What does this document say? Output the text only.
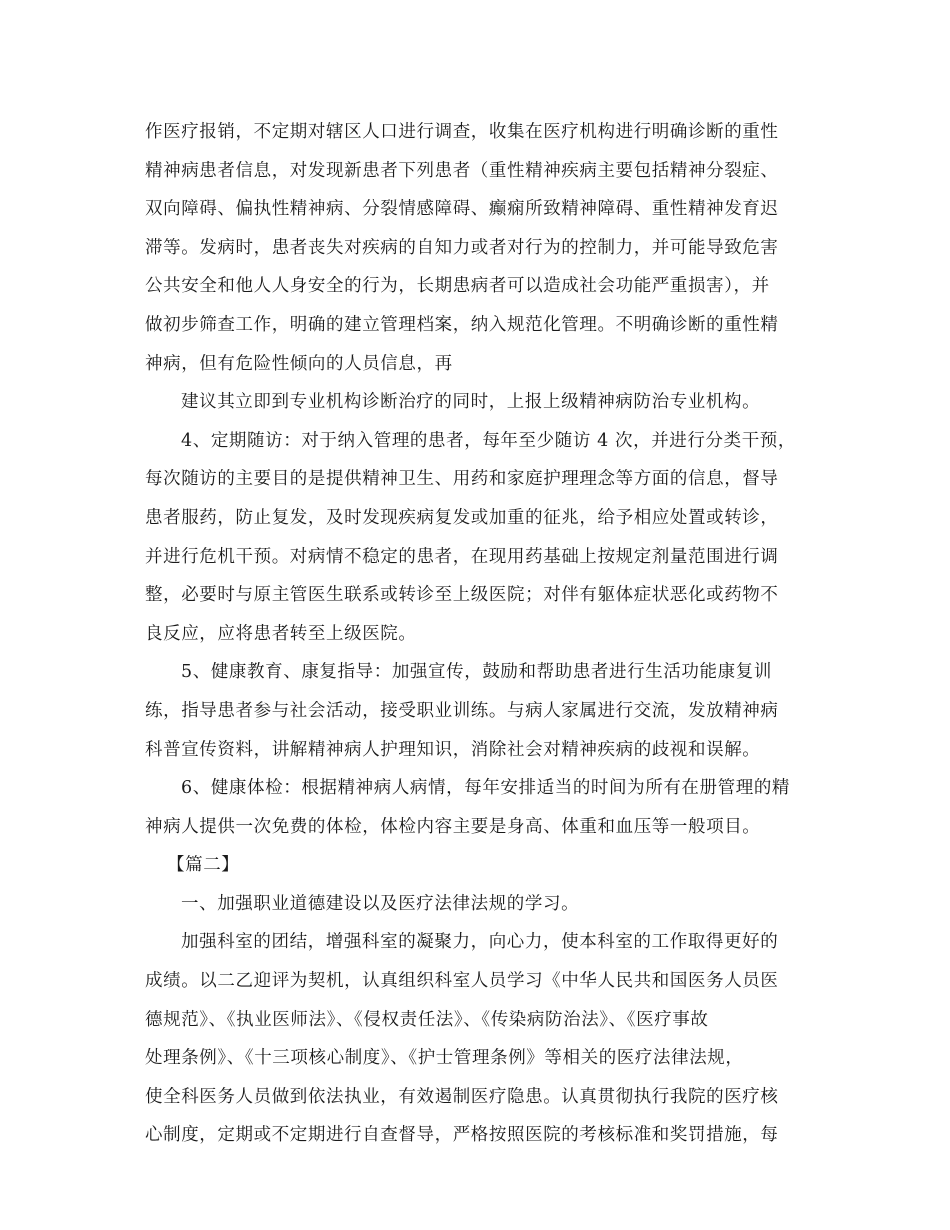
作医疗报销，不定期对辖区人口进行调查，收集在医疗机构进行明确诊断的重性
精神病患者信息，对发现新患者下列患者（重性精神疾病主要包括精神分裂症、
双向障碍、偏执性精神病、分裂情感障碍、癫痫所致精神障碍、重性精神发育迟
滞等。发病时，患者丧失对疾病的自知力或者对行为的控制力，并可能导致危害
公共安全和他人人身安全的行为，长期患病者可以造成社会功能严重损害），并
做初步筛查工作，明确的建立管理档案，纳入规范化管理。不明确诊断的重性精
神病，但有危险性倾向的人员信息，再
建议其立即到专业机构诊断治疗的同时，上报上级精神病防治专业机构。
4、定期随访：对于纳入管理的患者，每年至少随访 4 次，并进行分类干预，
每次随访的主要目的是提供精神卫生、用药和家庭护理理念等方面的信息，督导
患者服药，防止复发，及时发现疾病复发或加重的征兆，给予相应处置或转诊，
并进行危机干预。对病情不稳定的患者，在现用药基础上按规定剂量范围进行调
整，必要时与原主管医生联系或转诊至上级医院；对伴有躯体症状恶化或药物不
良反应，应将患者转至上级医院。
5、健康教育、康复指导：加强宣传，鼓励和帮助患者进行生活功能康复训
练，指导患者参与社会活动，接受职业训练。与病人家属进行交流，发放精神病
科普宣传资料，讲解精神病人护理知识，消除社会对精神疾病的歧视和误解。
6、健康体检：根据精神病人病情，每年安排适当的时间为所有在册管理的精
神病人提供一次免费的体检，体检内容主要是身高、体重和血压等一般项目。
【篇二】
一、加强职业道德建设以及医疗法律法规的学习。
加强科室的团结，增强科室的凝聚力，向心力，使本科室的工作取得更好的
成绩。以二乙迎评为契机，认真组织科室人员学习《中华人民共和国医务人员医
德规范》、《执业医师法》、《侵权责任法》、《传染病防治法》、《医疗事故
处理条例》、《十三项核心制度》、《护士管理条例》等相关的医疗法律法规，
使全科医务人员做到依法执业，有效遏制医疗隐患。认真贯彻执行我院的医疗核
心制度，定期或不定期进行自查督导，严格按照医院的考核标准和奖罚措施，每
